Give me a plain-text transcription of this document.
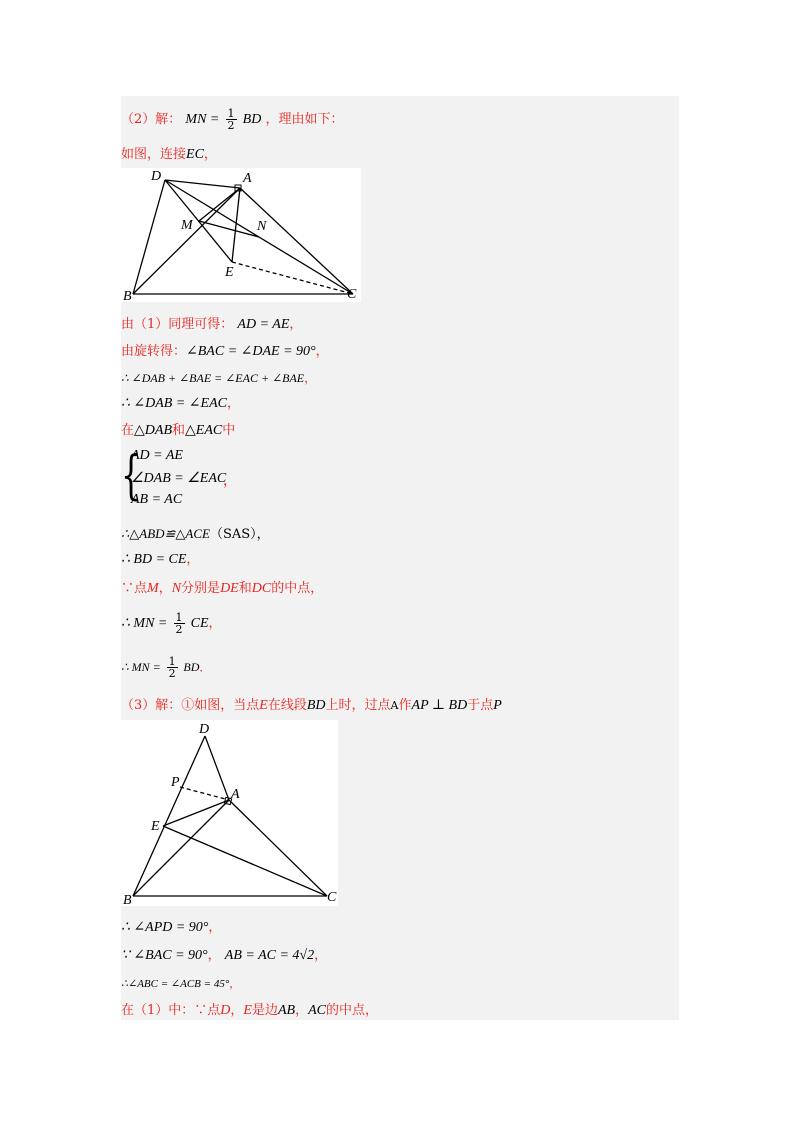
（2）解： MN = $\frac{1}{2}$ BD ，理由如下：
如图，连接EC，
D	A
M	N
E
B	C
由（1）同理可得： AD = AE，
由旋转得：∠BAC = ∠DAE = 90°，
∴ ∠DAB + ∠BAE = ∠EAC + ∠BAE，
∴ ∠DAB = ∠EAC，
在△DAB和△EAC中
{
AD = AE
∠DAB = ∠EAC
AB = AC
，
∴△ABD≌△ACE（SAS），
∴ BD = CE，
∵点M，N分别是DE和DC的中点，
∴ MN = $\frac{1}{2}$ CE，
∴ MN = $\frac{1}{2}$ BD．
（3）解：①如图，当点E在线段BD上时，过点A作AP ⊥ BD于点P
D
P
A
E
B	C
∴ ∠APD = 90°，
∵ ∠BAC = 90°， AB = AC = 4√2，
∴∠ABC = ∠ACB = 45°，
在（1）中：∵点D，E是边AB，AC的中点，
